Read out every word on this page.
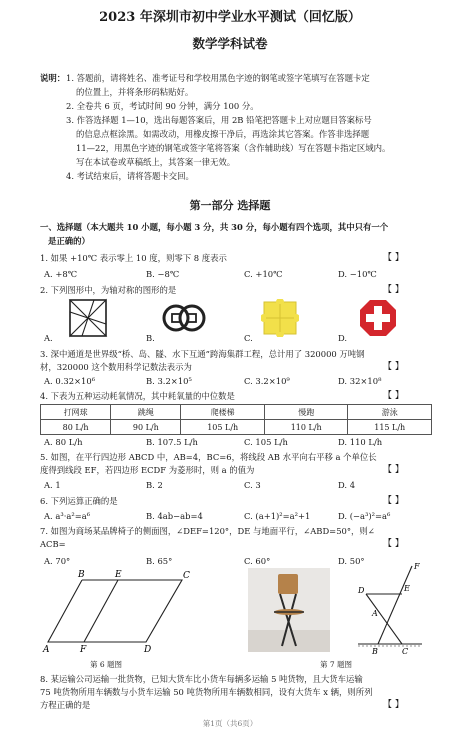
2023 年深圳市初中学业水平测试（回忆版）
数学学科试卷
说明： 1. 答题前，请将姓名、准考证号和学校用黑色字迹的钢笔或签字笔填写在答题卡定
的位置上，并将条形码粘贴好。
2. 全卷共 6 页，考试时间 90 分钟，满分 100 分。
3. 作答选择题 1—10，选出每题答案后，用 2B 铅笔把答题卡上对应题目答案标号
的信息点框涂黑。如需改动，用橡皮擦干净后，再选涂其它答案。作答非选择题
11—22，用黑色字迹的钢笔或签字笔将答案（含作辅助线）写在答题卡指定区域内。
写在本试卷或草稿纸上，其答案一律无效。
4. 考试结束后，请将答题卡交回。
第一部分 选择题
一、选择题（本大题共 10 小题，每小题 3 分，共 30 分，每小题有四个选项，其中只有一个
是正确的）
1. 如果 +10℃ 表示零上 10 度，则零下 8 度表示	【 】
A. +8℃	B. −8℃	C. +10℃	D. −10℃
2. 下列图形中，为轴对称的图形的是	【 】
A.	B.	C.	D.
3. 深中通道是世界级“桥、岛、隧、水下互通”跨海集群工程，总计用了 320000 万吨钢
材，320000 这个数用科学记数法表示为	【 】
A. 0.32×10⁶	B. 3.2×10⁵	C. 3.2×10⁹	D. 32×10⁸
4. 下表为五种运动耗氧情况，其中耗氧量的中位数是	【 】
打网球	跳绳	爬楼梯	慢跑	游泳
80 L/h	90 L/h	105 L/h	110 L/h	115 L/h
A. 80 L/h	B. 107.5 L/h	C. 105 L/h	D. 110 L/h
5. 如图，在平行四边形 ABCD 中，AB=4，BC=6，将线段 AB 水平向右平移 a 个单位长
度得到线段 EF，若四边形 ECDF 为菱形时，则 a 的值为	【 】
A. 1	B. 2	C. 3	D. 4
6. 下列运算正确的是	【 】
A. a³·a²=a⁶	B. 4ab−ab=4	C. (a+1)²=a²+1	D. (−a³)²=a⁶
7. 如图为商场某品牌椅子的侧面图，∠DEF=120°，DE 与地面平行，∠ABD=50°，则∠
ACB=	【 】
A. 70°	B. 65°	C. 60°	D. 50°
B	E	C
A	F	D
第 6 题图
F
E
D
A
B	C
第 7 题图
8. 某运输公司运输一批货物，已知大货车比小货车每辆多运输 5 吨货物，且大货车运输
75 吨货物所用车辆数与小货车运输 50 吨货物所用车辆数相同，设有大货车 x 辆，则所列
方程正确的是	【 】
第1页（共6页）
